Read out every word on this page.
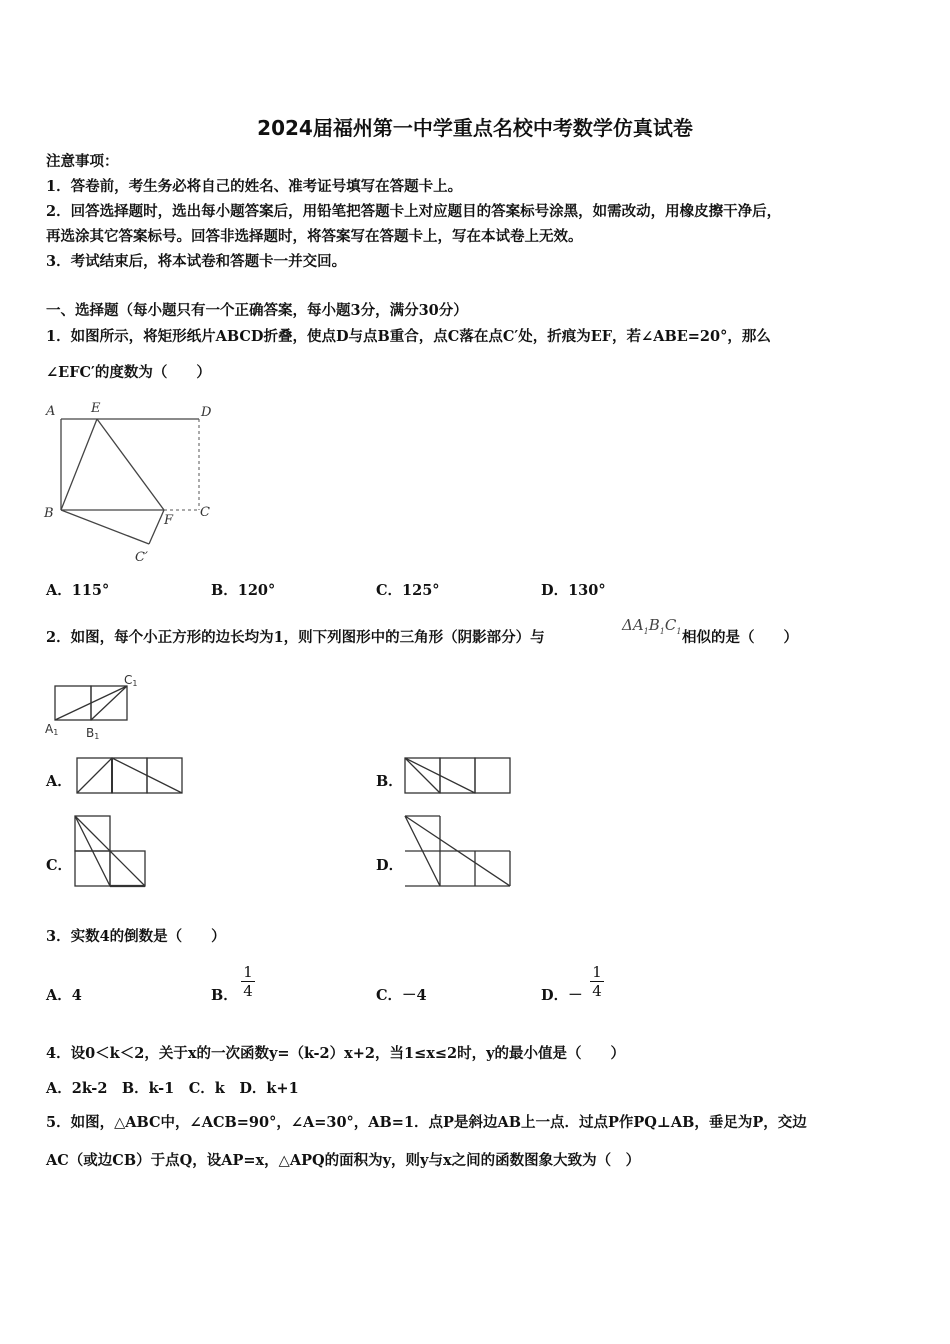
2024届福州第一中学重点名校中考数学仿真试卷
注意事项：
1．答卷前，考生务必将自己的姓名、准考证号填写在答题卡上。
2．回答选择题时，选出每小题答案后，用铅笔把答题卡上对应题目的答案标号涂黑，如需改动，用橡皮擦干净后，
再选涂其它答案标号。回答非选择题时，将答案写在答题卡上，写在本试卷上无效。
3．考试结束后，将本试卷和答题卡一并交回。
一、选择题（每小题只有一个正确答案，每小题3分，满分30分）
1．如图所示，将矩形纸片ABCD折叠，使点D与点B重合，点C落在点C′处，折痕为EF，若∠ABE=20°，那么
∠EFC′的度数为（　　）
A	E	D
B	F
C
C′
A．115°	B．120°	C．125°	D．130°
2．如图，每个小正方形的边长均为1，则下列图形中的三角形（阴影部分）与
$\Delta A_1B_1C_1$ 相似的是（　　）
C1
A1 B1
A．	B．
C．	D．
3．实数4的倒数是（　　）
A．4	B． $\frac{1}{4}$	C．－4	D．－ $\frac{1}{4}$
4．设0＜k＜2，关于x的一次函数y=（k-2）x+2，当1≤x≤2时，y的最小值是（　　）
A．2k-2　B．k-1　C．k　D．k+1
5．如图，△ABC中，∠ACB=90°，∠A=30°，AB=1．点P是斜边AB上一点．过点P作PQ⊥AB，垂足为P，交边
AC（或边CB）于点Q，设AP=x，△APQ的面积为y，则y与x之间的函数图象大致为（　）
